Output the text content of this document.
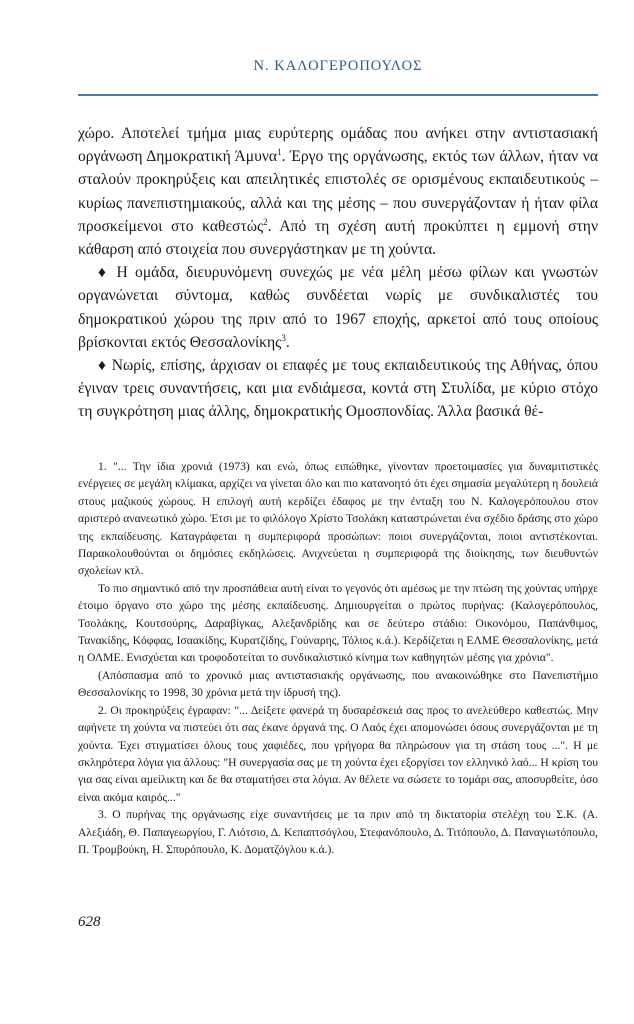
Ν. ΚΑΛΟΓΕΡΟΠΟΥΛΟΣ

χώρο. Αποτελεί τμήμα μιας ευρύτερης ομάδας που ανήκει στην αντιστασιακή οργάνωση Δημοκρατική Άμυνα$^1$. Έργο της οργάνωσης, εκτός των άλλων, ήταν να σταλούν προκηρύξεις και απειλητικές επιστολές σε ορισμένους εκπαιδευτικούς – κυρίως πανεπιστημιακούς, αλλά και της μέσης – που συνεργάζονταν ή ήταν φίλα προσκείμενοι στο καθεστώς$^2$. Από τη σχέση αυτή προκύπτει η εμμονή στην κάθαρση από στοιχεία που συνεργάστηκαν με τη χούντα.

♦ Η ομάδα, διευρυνόμενη συνεχώς με νέα μέλη μέσω φίλων και γνωστών οργανώνεται σύντομα, καθώς συνδέεται νωρίς με συνδικαλιστές του δημοκρατικού χώρου της πριν από το 1967 εποχής, αρκετοί από τους οποίους βρίσκονται εκτός Θεσσαλονίκης$^3$.

♦ Νωρίς, επίσης, άρχισαν οι επαφές με τους εκπαιδευτικούς της Αθήνας, όπου έγιναν τρεις συναντήσεις, και μια ενδιάμεσα, κοντά στη Στυλίδα, με κύριο στόχο τη συγκρότηση μιας άλλης, δημοκρατικής Ομοσπονδίας. Άλλα βασικά θέ-

1. "... Την ίδια χρονιά (1973) και ενώ, όπως ειπώθηκε, γίνονταν προετοιμασίες για δυναμιτιστικές ενέργειες σε μεγάλη κλίμακα, αρχίζει να γίνεται όλο και πιο κατανοητό ότι έχει σημασία μεγαλύτερη η δουλειά στους μαζικούς χώρους. Η επιλογή αυτή κερδίζει έδαφος με την ένταξη του Ν. Καλογερόπουλου στον αριστερό ανανεωτικό χώρο. Έτσι με το φιλόλογο Χρίστο Τσολάκη καταστρώνεται ένα σχέδιο δράσης στο χώρο της εκπαίδευσης. Καταγράφεται η συμπεριφορά προσώπων: ποιοι συνεργάζονται, ποιοι αντιστέκονται. Παρακολουθούνται οι δημόσιες εκδηλώσεις. Ανιχνεύεται η συμπεριφορά της διοίκησης, των διευθυντών σχολείων κτλ.

Το πιο σημαντικό από την προσπάθεια αυτή είναι το γεγονός ότι αμέσως με την πτώση της χούντας υπήρχε έτοιμο όργανο στο χώρο της μέσης εκπαίδευσης. Δημιουργείται ο πρώτος πυρήνας: (Καλογερόπουλος, Τσολάκης, Κουτσούρης, Δαραβίγκας, Αλεξανδρίδης και σε δεύτερο στάδιο: Οικονόμου, Παπάνθιμος, Τανακίδης, Κόφφας, Ισαακίδης, Κυρατζίδης, Γούναρης, Τόλιος κ.ά.). Κερδίζεται η ΕΛΜΕ Θεσσαλονίκης, μετά η ΟΛΜΕ. Ενισχύεται και τροφοδοτείται το συνδικαλιστικό κίνημα των καθηγητών μέσης για χρόνια".

(Απόσπασμα από το χρονικό μιας αντιστασιακής οργάνωσης, που ανακοινώθηκε στο Πανεπιστήμιο Θεσσαλονίκης το 1998, 30 χρόνια μετά την ίδρυσή της).

2. Οι προκηρύξεις έγραφαν: "... Δείξετε φανερά τη δυσαρέσκειά σας προς το ανελεύθερο καθεστώς. Μην αφήνετε τη χούντα να πιστεύει ότι σας έκανε όργανά της. Ο Λαός έχει απομονώσει όσους συνεργάζονται με τη χούντα. Έχει στιγματίσει όλους τους χαφιέδες, που γρήγορα θα πληρώσουν για τη στάση τους ...". Η με σκληρότερα λόγια για άλλους: "Η συνεργασία σας με τη χούντα έχει εξοργίσει τον ελληνικό λαό... Η κρίση του για σας είναι αμείλικτη και δε θα σταματήσει στα λόγια. Αν θέλετε να σώσετε το τομάρι σας, αποσυρθείτε, όσο είναι ακόμα καιρός..."

3. Ο πυρήνας της οργάνωσης είχε συναντήσεις με τα πριν από τη δικτατορία στελέχη του Σ.Κ. (Α. Αλεξιάδη, Θ. Παπαγεωργίου, Γ. Λιότσιο, Δ. Κεπαπτσόγλου, Στεφανόπουλο, Δ. Τιτόπουλο, Δ. Παναγιωτόπουλο, Π. Τρομβούκη, Η. Σπυρόπουλο, Κ. Δοματζόγλου κ.ά.).

628
